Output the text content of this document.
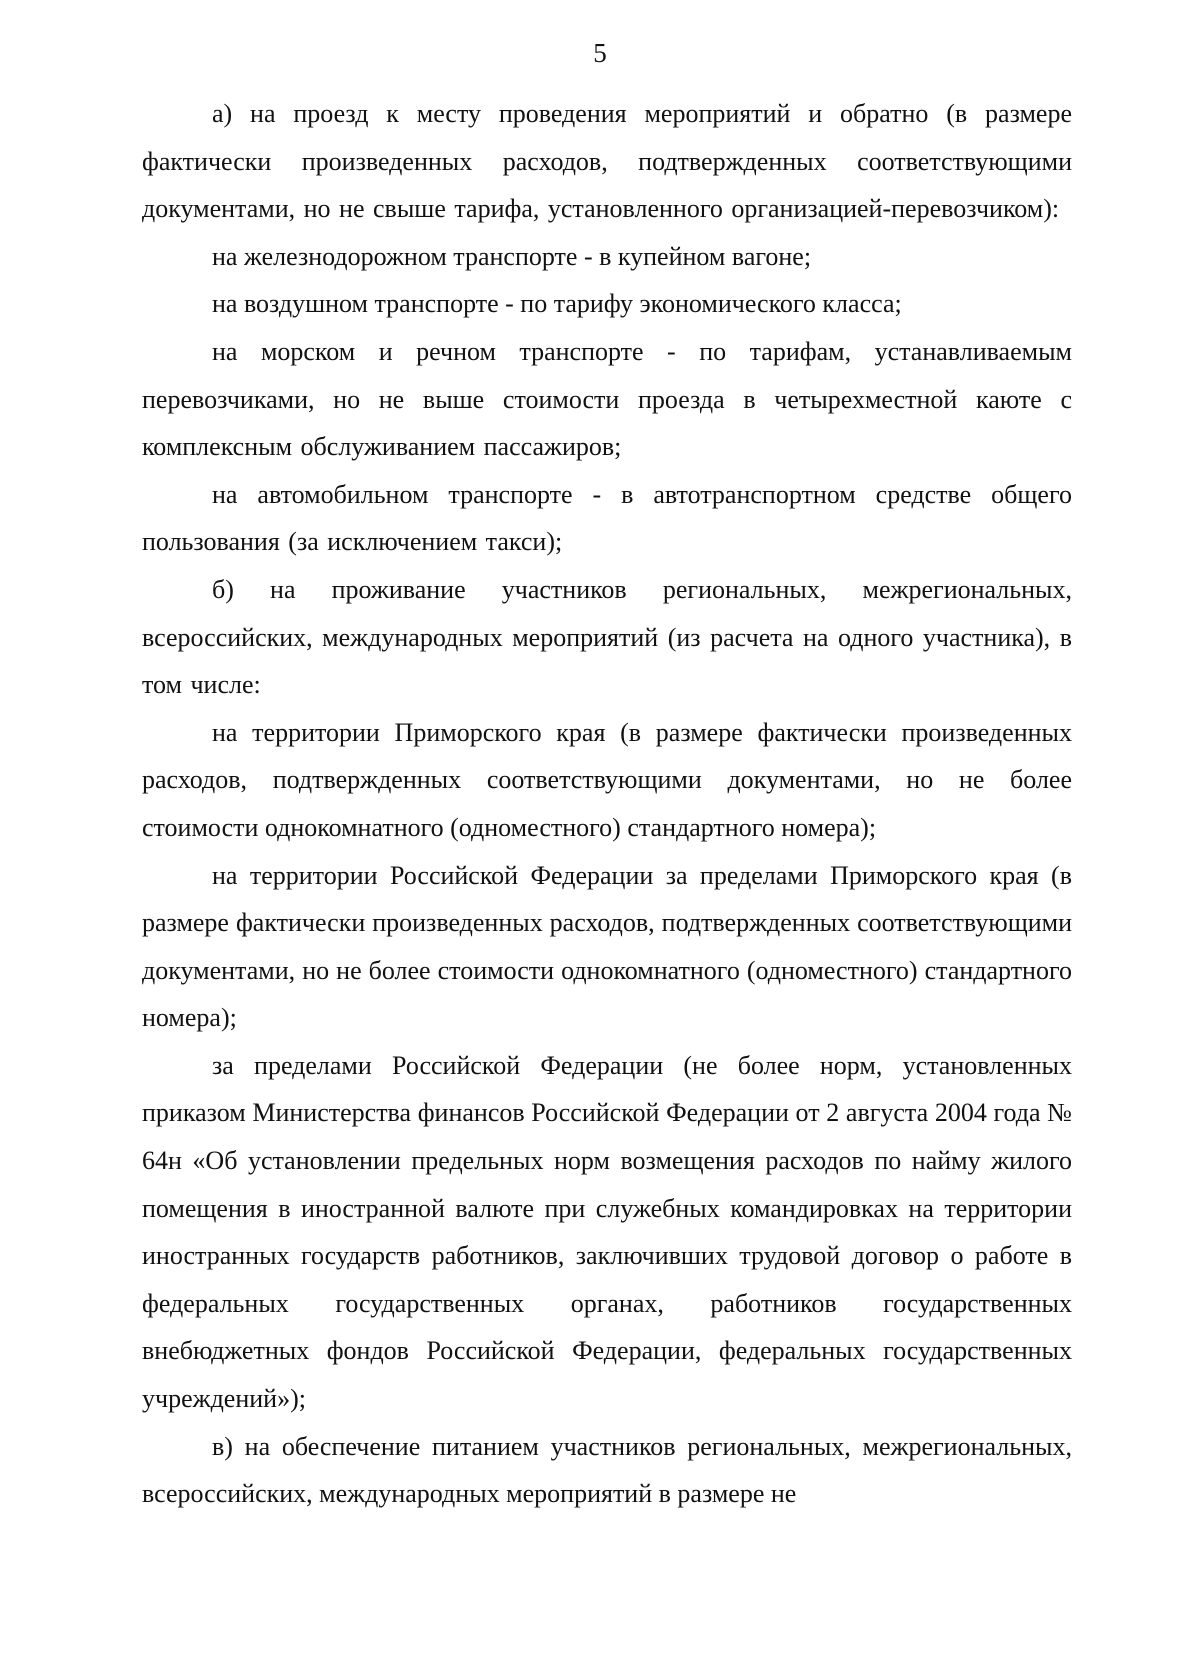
5

а) на проезд к месту проведения мероприятий и обратно (в размере фактически произведенных расходов, подтвержденных соответствующими документами, но не свыше тарифа, установленного организацией-перевозчиком):

на железнодорожном транспорте - в купейном вагоне;

на воздушном транспорте - по тарифу экономического класса;

на морском и речном транспорте - по тарифам, устанавливаемым перевозчиками, но не выше стоимости проезда в четырехместной каюте с комплексным обслуживанием пассажиров;

на автомобильном транспорте - в автотранспортном средстве общего пользования (за исключением такси);

б) на проживание участников региональных, межрегиональных, всероссийских, международных мероприятий (из расчета на одного участника), в том числе:

на территории Приморского края (в размере фактически произведенных расходов, подтвержденных соответствующими документами, но не более стоимости однокомнатного (одноместного) стандартного номера);

на территории Российской Федерации за пределами Приморского края (в размере фактически произведенных расходов, подтвержденных соответствующими документами, но не более стоимости однокомнатного (одноместного) стандартного номера);

за пределами Российской Федерации (не более норм, установленных приказом Министерства финансов Российской Федерации от 2 августа 2004 года № 64н «Об установлении предельных норм возмещения расходов по найму жилого помещения в иностранной валюте при служебных командировках на территории иностранных государств работников, заключивших трудовой договор о работе в федеральных государственных органах, работников государственных внебюджетных фондов Российской Федерации, федеральных государственных учреждений»);

в) на обеспечение питанием участников региональных, межрегиональных, всероссийских, международных мероприятий в размере не
